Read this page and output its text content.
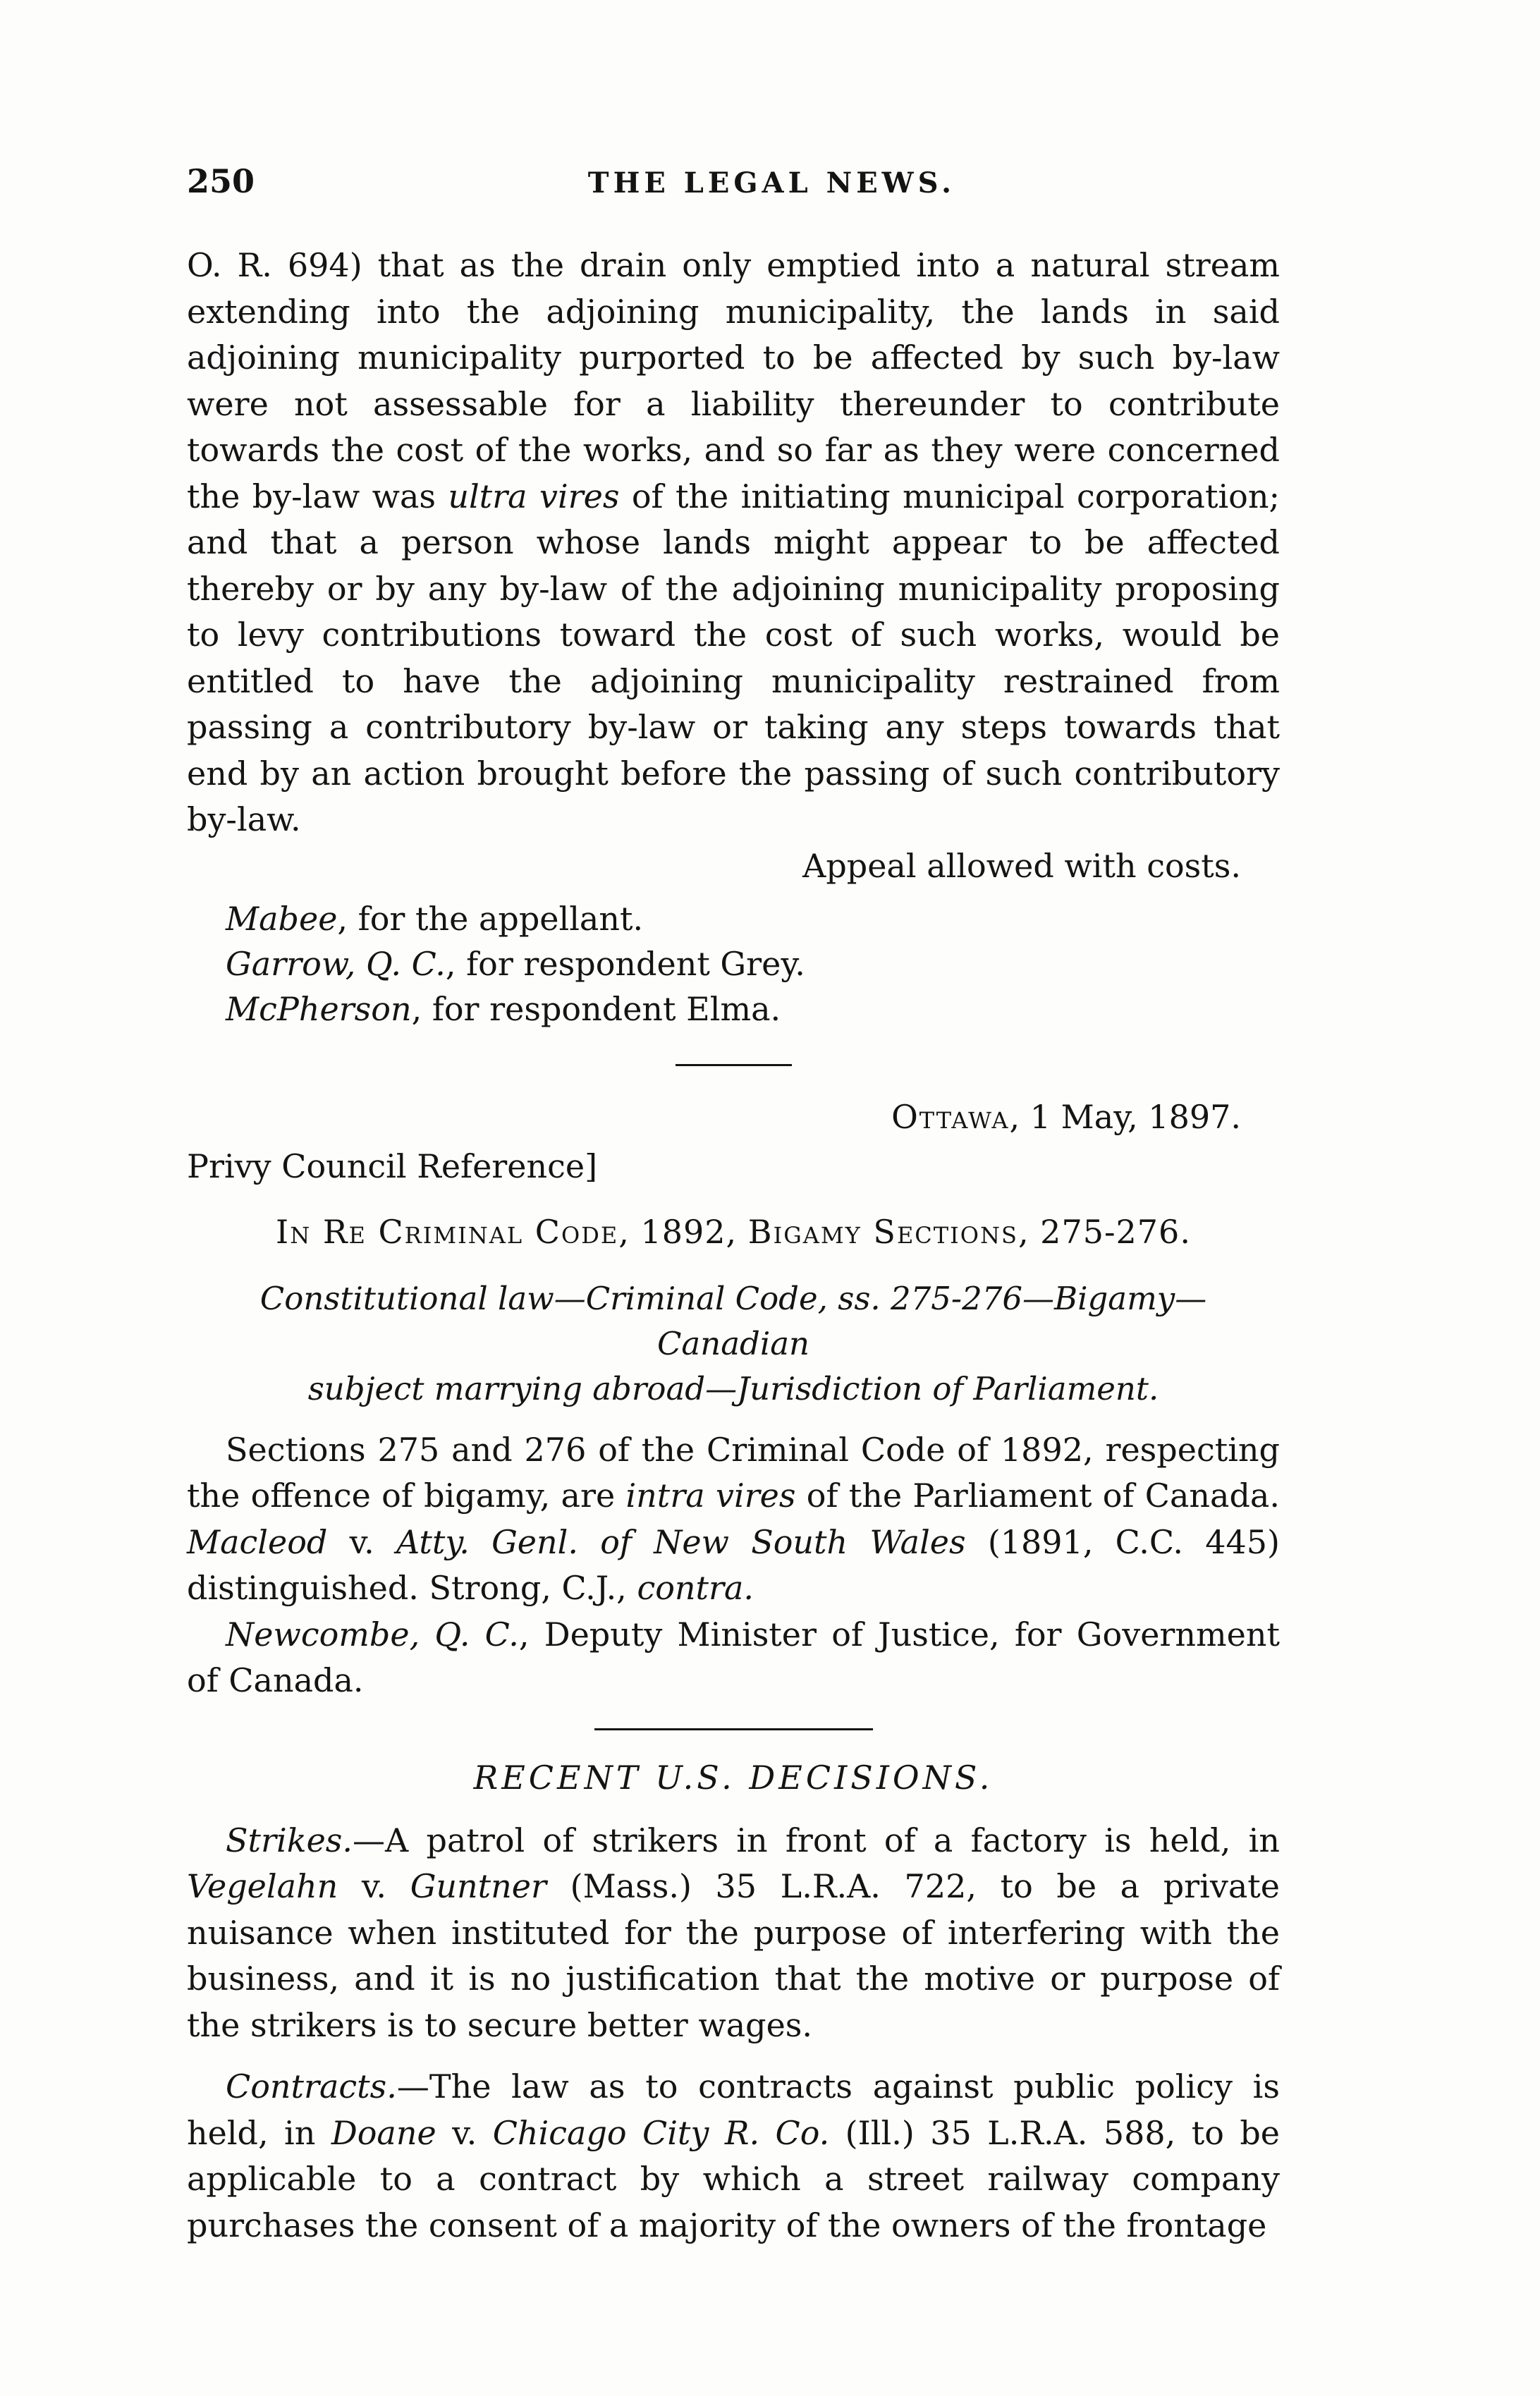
250	THE LEGAL NEWS.

O. R. 694) that as the drain only emptied into a natural stream extending into the adjoining municipality, the lands in said adjoining municipality purported to be affected by such by-law were not assessable for a liability thereunder to contribute towards the cost of the works, and so far as they were concerned the by-law was ultra vires of the initiating municipal corporation; and that a person whose lands might appear to be affected thereby or by any by-law of the adjoining municipality proposing to levy contributions toward the cost of such works, would be entitled to have the adjoining municipality restrained from passing a contributory by-law or taking any steps towards that end by an action brought before the passing of such contributory by-law.

Appeal allowed with costs.

Mabee, for the appellant.

Garrow, Q. C., for respondent Grey.

McPherson, for respondent Elma.

Ottawa, 1 May, 1897.

Privy Council Reference]

In Re Criminal Code, 1892, Bigamy Sections, 275-276.
Constitutional law—Criminal Code, ss. 275-276—Bigamy—Canadian
subject marrying abroad—Jurisdiction of Parliament.

Sections 275 and 276 of the Criminal Code of 1892, respecting the offence of bigamy, are intra vires of the Parliament of Canada. Macleod v. Atty. Genl. of New South Wales (1891, C.C. 445) distinguished. Strong, C.J., contra.

Newcombe, Q. C., Deputy Minister of Justice, for Government of Canada.

RECENT U.S. DECISIONS.

Strikes.—A patrol of strikers in front of a factory is held, in Vegelahn v. Guntner (Mass.) 35 L.R.A. 722, to be a private nuisance when instituted for the purpose of interfering with the business, and it is no justification that the motive or purpose of the strikers is to secure better wages.

Contracts.—The law as to contracts against public policy is held, in Doane v. Chicago City R. Co. (Ill.) 35 L.R.A. 588, to be applicable to a contract by which a street railway company purchases the consent of a majority of the owners of the frontage
